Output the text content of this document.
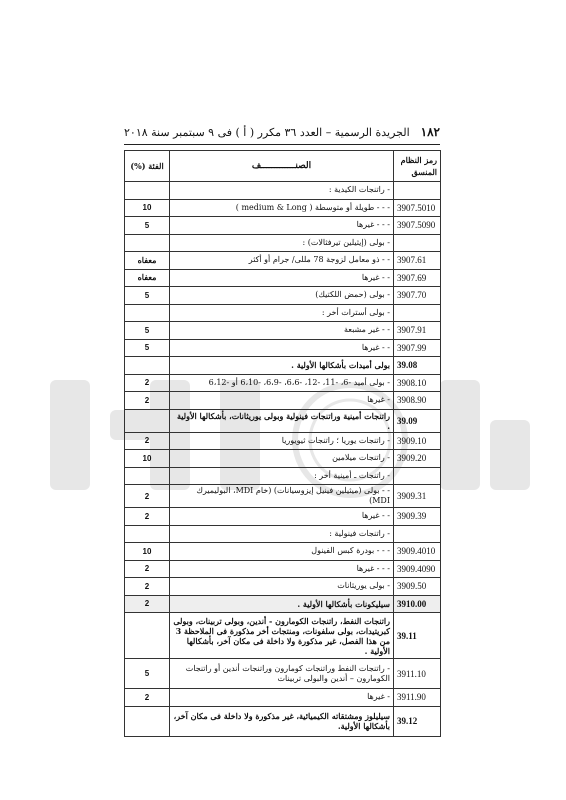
١٨٢
الجريدة الرسمية – العدد ٣٦ مكرر ( أ ) فى ٩ سبتمبر سنة ٢٠١٨
رمز النظام المنسق	الصنـــــــــــــف	الفئة (%)
	- راتنجات الكيدية :	
3907.5010	- - - طويلة أو متوسطة ( medium & Long )	10
3907.5090	- - - غيرها	5
	- بولى (إيثيلين تيرفثالات) :	
3907.61	- - ذو معامل لزوجة 78 مللى/ جرام أو أكثر	معفاه
3907.69	- - غيرها	معفاه
3907.70	- بولى (حمض اللكتيك)	5
	- بولى أسترات أخر :	
3907.91	- - غير مشبعة	5
3907.99	- - غيرها	5
39.08	بولى أميدات بأشكالها الأولية .	
3908.10	- بولى أميد -6، -11، -12، -6،6، -6،9، -6،10 أو -6،12	2
3908.90	- غيرها	2
39.09	راتنجات أمينية وراتنجات فينولية وبولى يوريثانات، بأشكالها الأولية .	
3909.10	- راتنجات يوريا ؛ راتنجات ثيويوريا	2
3909.20	- راتنجات ميلامين	10
	- راتنجات ـ أمينية أخر :	
3909.31	- - بولى (ميثيلين فينيل إيزوسيانات) (خام MDI، البوليميرك MDI)	2
3909.39	- - غيرها	2
	- راتنجات فينولية :	
3909.4010	- - - بودرة كبس الفينول	10
3909.4090	- - - غيرها	2
3909.50	- بولى يوريثانات	2
3910.00	سيليكونات بأشكالها الأولية .	2
39.11	راتنجات النفط، راتنجات الكومارون - أندين، وبولى تربينات، وبولى كبريتيدات، بولى سلفونات، ومنتجات أخر مذكورة فى الملاحظة 3 من هذا الفصل، غير مذكورة ولا داخلة فى مكان آخر، بأشكالها الأولية .	
3911.10	- راتنجات النفط وراتنجات كومارون وراتنجات أندين أو راتنجات الكومارون – أندين والبولى تربينات	5
3911.90	- غيرها	2
39.12	سيليلوز ومشتقاته الكيميائية، غير مذكورة ولا داخلة فى مكان آخر، بأشكالها الأولية.	
